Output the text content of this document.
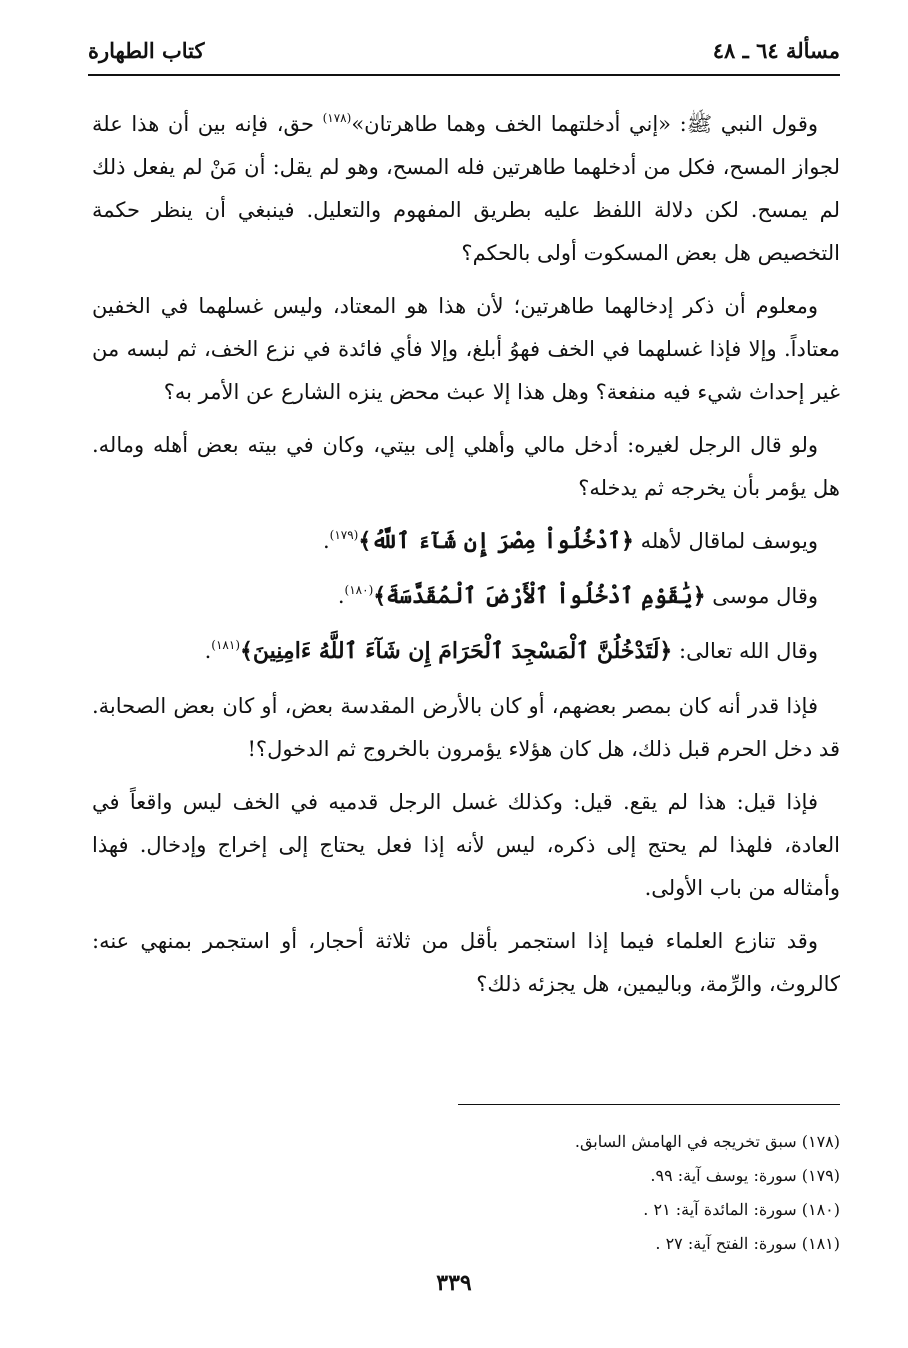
مسألة ٦٤ ـ ٤٨
كتاب الطهارة

وقول النبي ﷺ: «إني أدخلتهما الخف وهما طاهرتان»$^{(١٧٨)}$ حق، فإنه بين أن هذا علة لجواز المسح، فكل من أدخلهما طاهرتين فله المسح، وهو لم يقل: أن مَنْ لم يفعل ذلك لم يمسح. لكن دلالة اللفظ عليه بطريق المفهوم والتعليل. فينبغي أن ينظر حكمة التخصيص هل بعض المسكوت أولى بالحكم؟

ومعلوم أن ذكر إدخالهما طاهرتين؛ لأن هذا هو المعتاد، وليس غسلهما في الخفين معتاداً. وإلا فإذا غسلهما في الخف فهوُ أبلغ، وإلا فأي فائدة في نزع الخف، ثم لبسه من غير إحداث شيء فيه منفعة؟ وهل هذا إلا عبث محض ينزه الشارع عن الأمر به؟

ولو قال الرجل لغيره: أدخل مالي وأهلي إلى بيتي، وكان في بيته بعض أهله وماله. هل يؤمر بأن يخرجه ثم يدخله؟

ويوسف لماقال لأهله ﴿ٱدْخُلُواْ مِصْرَ إِن شَآءَ ٱللَّهُ﴾$^{(١٧٩)}$.

وقال موسى ﴿يَٰقَوْمِ ٱدْخُلُواْ ٱلْأَرْضَ ٱلْمُقَدَّسَةَ﴾$^{(١٨٠)}$.

وقال الله تعالى: ﴿لَتَدْخُلُنَّ ٱلْمَسْجِدَ ٱلْحَرَامَ إِن شَآءَ ٱللَّهُ ءَامِنِينَ﴾$^{(١٨١)}$.

فإذا قدر أنه كان بمصر بعضهم، أو كان بالأرض المقدسة بعض، أو كان بعض الصحابة. قد دخل الحرم قبل ذلك، هل كان هؤلاء يؤمرون بالخروج ثم الدخول؟!

فإذا قيل: هذا لم يقع. قيل: وكذلك غسل الرجل قدميه في الخف ليس واقعاً في العادة، فلهذا لم يحتج إلى ذكره، ليس لأنه إذا فعل يحتاج إلى إخراج وإدخال. فهذا وأمثاله من باب الأولى.

وقد تنازع العلماء فيما إذا استجمر بأقل من ثلاثة أحجار، أو استجمر بمنهي عنه: كالروث، والرِّمة، وباليمين، هل يجزئه ذلك؟

(١٧٨) سبق تخريجه في الهامش السابق.
(١٧٩) سورة: يوسف آية: ٩٩.
(١٨٠) سورة: المائدة آية: ٢١ .
(١٨١) سورة: الفتح آية: ٢٧ .
٣٣٩
